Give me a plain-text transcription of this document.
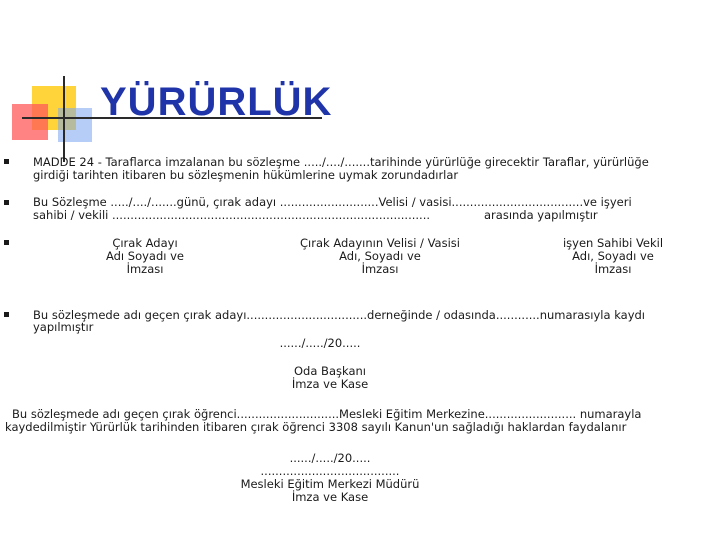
YÜRÜRLÜK

MADDE 24 - Taraflarca imzalanan bu sözleşme ...../..../.......tarihinde yürürlüğe girecektir Taraflar, yürürlüğe

girdiği tarihten itibaren bu sözleşmenin hükümlerine uymak zorundadırlar

Bu Sözleşme ...../..../.......günü, çırak adayı ...........................Velisi / vasisi....................................ve işyeri

sahibi / vekili .......................................................................................	arasında yapılmıştır

Çırak Adayı
Adı Soyadı ve
İmzası
Çırak Adayının Velisi / Vasisi
Adı, Soyadı ve
İmzası
işyen Sahibi Vekil
Adı, Soyadı ve
İmzası

Bu sözleşmede adı geçen çırak adayı.................................derneğinde / odasında............numarasıyla kaydı

yapılmıştır

....../...../20.....

Oda Başkanı
İmza ve Kase

Bu sözleşmede adı geçen çırak öğrenci............................Mesleki Eğitim Merkezine......................... numarayla

kaydedilmiştir Yürürlük tarihinden itibaren çırak öğrenci 3308 sayılı Kanun'un sağladığı haklardan faydalanır

....../...../20.....
......................................
Mesleki Eğitim Merkezi Müdürü
İmza ve Kase
